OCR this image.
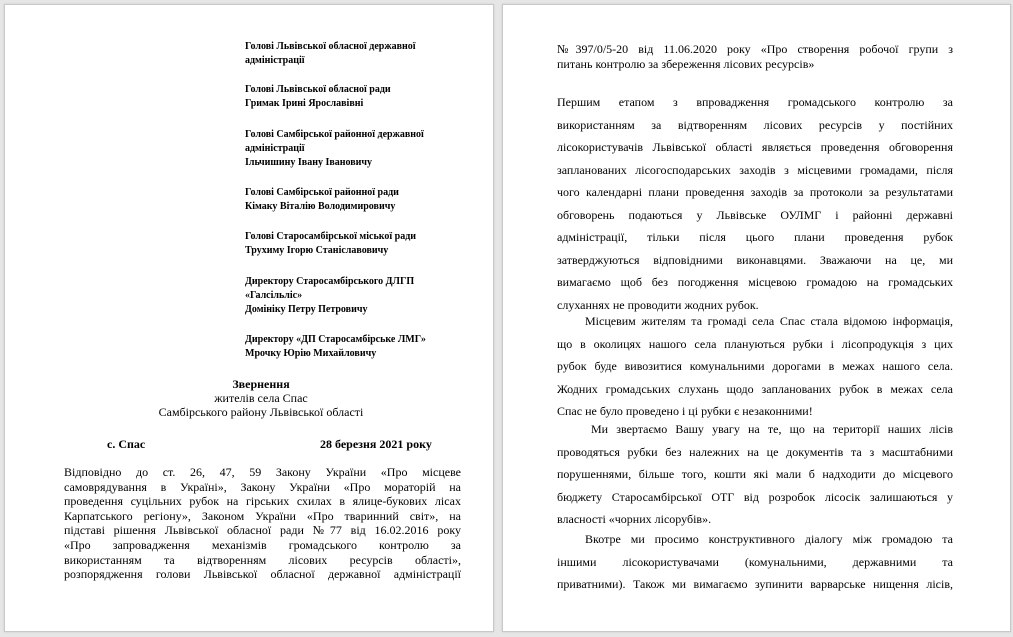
Голові Львівської обласної державної
адміністрації
Голові Львівської обласної ради
Гримак Ірині Ярославівні
Голові Самбірської районної державної
адміністрації
Ільчишину Івану Івановичу
Голові Самбірської районної ради
Кімаку Віталію Володимировичу
Голові Старосамбірської міської ради
Трухиму Ігорю Станіславовичу
Директору Старосамбірського ДЛГП
«Галсільліс»
Домініку Петру Петровичу
Директору «ДП Старосамбірське ЛМГ»
Мрочку Юрію Михайловичу
Звернення
жителів села Спас
Самбірського району Львівської області
с. Спас	28 березня 2021 року
Відповідно до ст. 26, 47, 59 Закону України «Про місцеве
самоврядування в Україні», Закону України «Про мораторій на
проведення суцільних рубок на гірських схилах в ялице-букових лісах
Карпатського регіону», Законом України «Про тваринний світ», на
підставі рішення Львівської обласної ради №77 від 16.02.2016 року
«Про запровадження механізмів громадського контролю за
використанням та відтворенням лісових ресурсів області»,
розпорядження голови Львівської обласної державної адміністрації
№397/0/5-20 від 11.06.2020 року «Про створення робочої групи з
питань контролю за збереження лісових ресурсів»
Першим етапом з впровадження громадського контролю за
використанням за відтворенням лісових ресурсів у постійних
лісокористувачів Львівської області являється проведення обговорення
запланованих лісогосподарських заходів з місцевими громадами, після
чого календарні плани проведення заходів за протоколи за результатами
обговорень подаються у Львівське ОУЛМГ і районні державні
адміністрації, тільки після цього плани проведення рубок
затверджуються відповідними виконавцями. Зважаючи на це, ми
вимагаємо щоб без погодження місцевою громадою на громадських
слуханнях не проводити жодних рубок.
Місцевим жителям та громаді села Спас стала відомою інформація,
що в околицях нашого села плануються рубки і лісопродукція з цих
рубок буде вивозитися комунальними дорогами в межах нашого села.
Жодних громадських слухань щодо запланованих рубок в межах села
Спас не було проведено і ці рубки є незаконними!
Ми звертаємо Вашу увагу на те, що на території наших лісів
проводяться рубки без належних на це документів та з масштабними
порушеннями, більше того, кошти які мали б надходити до місцевого
бюджету Старосамбірської ОТГ від розробок лісосік залишаються у
власності «чорних лісорубів».
Вкотре ми просимо конструктивного діалогу між громадою та
іншими лісокористувачами (комунальними, державними та
приватними). Також ми вимагаємо зупинити варварське нищення лісів,
